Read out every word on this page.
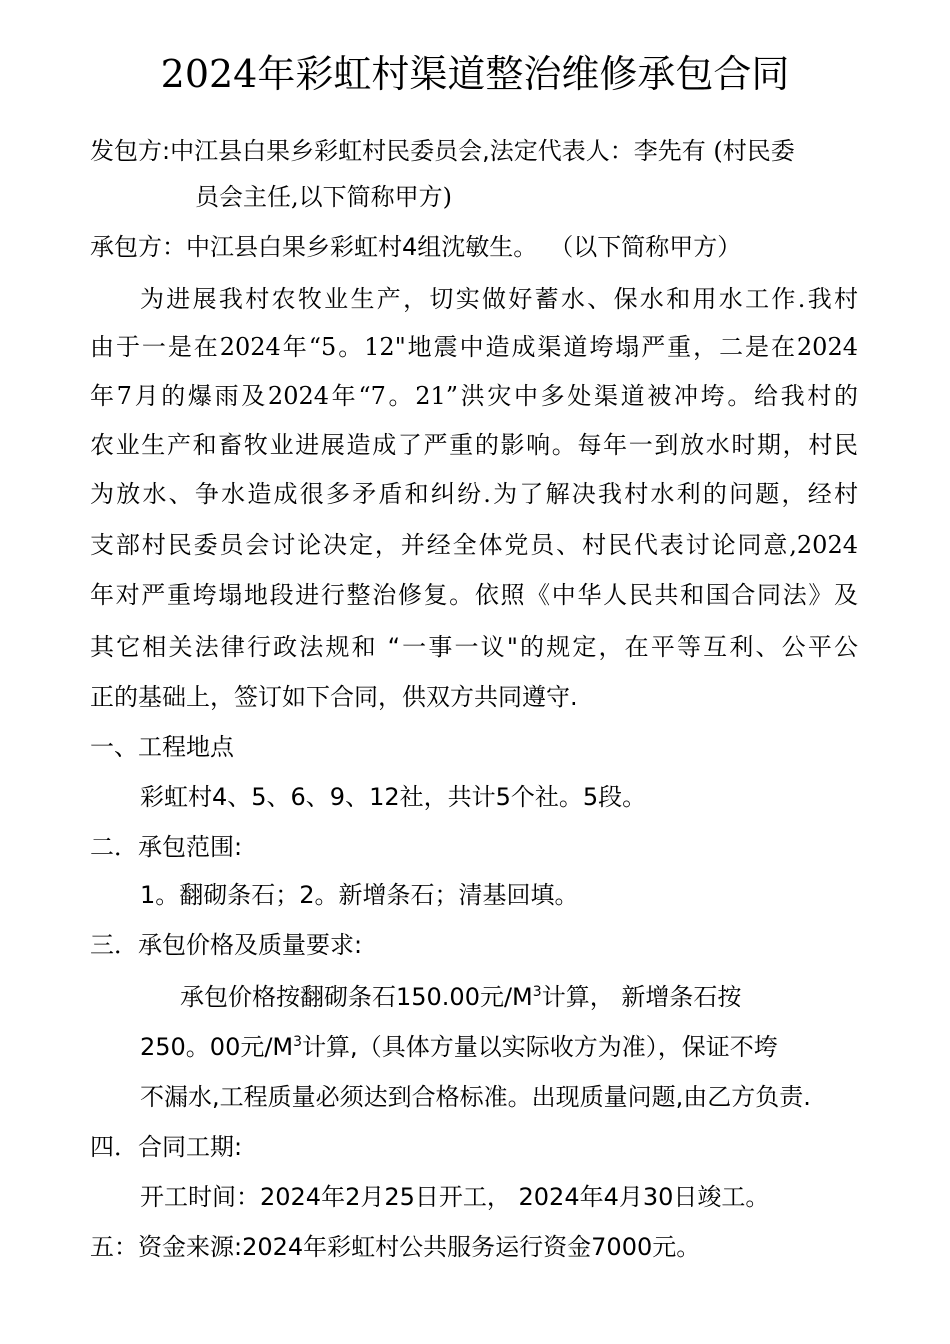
2024年彩虹村渠道整治维修承包合同
发包方:中江县白果乡彩虹村民委员会,法定代表人：李先有 (村民委
员会主任,以下简称甲方)
承包方：中江县白果乡彩虹村4组沈敏生。 （以下简称甲方）
为进展我村农牧业生产，切实做好蓄水、保水和用水工作.我村
由于一是在2024年“5。12"地震中造成渠道垮塌严重，二是在2024
年7月的爆雨及2024年“7。21”洪灾中多处渠道被冲垮。给我村的
农业生产和畜牧业进展造成了严重的影响。每年一到放水时期，村民
为放水、争水造成很多矛盾和纠纷.为了解决我村水利的问题，经村
支部村民委员会讨论决定，并经全体党员、村民代表讨论同意,2024
年对严重垮塌地段进行整治修复。依照《中华人民共和国合同法》及
其它相关法律行政法规和 “一事一议"的规定，在平等互利、公平公
正的基础上，签订如下合同，供双方共同遵守.
一、工程地点
彩虹村4、5、6、9、12社，共计5个社。5段。
二．承包范围:
1。翻砌条石；2。新增条石；清基回填。
三．承包价格及质量要求:
承包价格按翻砌条石150.00元$/M^3$计算， 新增条石按
250。00元$/M^3$计算,（具体方量以实际收方为准），保证不垮
不漏水,工程质量必须达到合格标准。出现质量问题,由乙方负责.
四．合同工期:
开工时间：2024年2月25日开工， 2024年4月30日竣工。
五：资金来源:2024年彩虹村公共服务运行资金7000元。
